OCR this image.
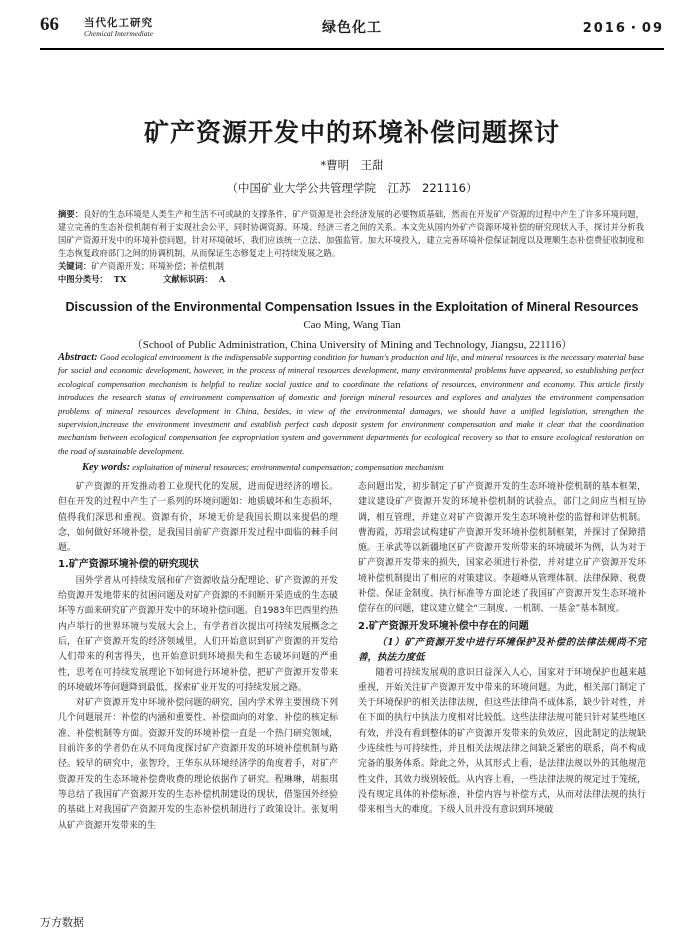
66 当代化工研究
Chemical Intermediate	绿色化工	2016・09
矿产资源开发中的环境补偿问题探讨
*曹明　王甜
（中国矿业大学公共管理学院　江苏　221116）
摘要：良好的生态环境是人类生产和生活不可或缺的支撑条件，矿产资源是社会经济发展的必要物质基础，然而在开发矿产资源的过程中产生了许多环境问题，建立完善的生态补偿机制有利于实现社会公平，同时协调资源、环境、经济三者之间的关系。本文先从国内外矿产资源环境补偿的研究现状入手，探讨并分析我国矿产资源开发中的环境补偿问题，针对环境破坏，我们应该统一立法、加强监管、加大环境投入，建立完善环境补偿保证制度以及理顺生态补偿费征收制度和生态恢复政府部门之间的协调机制，从而保证生态修复走上可持续发展之路。
关键词：矿产资源开发；环境补偿；补偿机制
中图分类号： TX	文献标识码： A
Discussion of the Environmental Compensation Issues in the Exploitation of Mineral Resources
Cao Ming, Wang Tian
（School of Public Administration, China University of Mining and Technology, Jiangsu, 221116）
Abstract: Good ecological environment is the indispensable supporting condition for human's production and life, and mineral resources is the necessary material base for social and economic development, however, in the process of mineral resources development, many environmental problems have appeared, so establishing perfect ecological compensation mechanism is helpful to realize social justice and to coordinate the relations of resources, environment and economy. This article firstly introduces the research status of environment compensation of domestic and foreign mineral resources and explores and analyzes the environment compensation problems of mineral resources development in China, besides, in view of the environmental damages, we should have a unified legislation, strengthen the supervision,increase the environment investment and establish perfect cash deposit system for environment compensation and make it clear that the coordination mechanism between ecological compensation fee expropriation system and government departments for ecological recovery so that to ensure ecological restoration on the road of sustainable development.
Key words: exploitation of mineral resources; environmental compensation; compensation mechanism

矿产资源的开发推动着工业现代化的发展，进而促进经济的增长。但在开发的过程中产生了一系列的环境问题如：地质破坏和生态损坏，值得我们深思和重视。资源有价，环境无价是我国长期以来提倡的理念，如何做好环境补偿，是我国目前矿产资源开发过程中面临的棘手问题。

1.矿产资源环境补偿的研究现状

国外学者从可持续发展和矿产资源收益分配理论、矿产资源的开发给资源开发地带来的贫困问题及对矿产资源的不间断开采造成的生态破坏等方面来研究矿产资源开发中的环境补偿问题。自1983年巴西里约热内卢举行的世界环境与发展大会上，有学者首次提出可持续发展概念之后，在矿产资源开发的经济领域里，人们开始意识到矿产资源的开发给人们带来的利害得失，也开始意识到环境损失和生态破坏问题的严重性，思考在可持续发展理论下如何进行环境补偿，把矿产资源开发带来的环境破坏等问题降到最低，探索矿业开发的可持续发展之路。

对矿产资源开发中环境补偿问题的研究，国内学术界主要围绕下列几个问题展开：补偿的内涵和重要性、补偿面向的对象、补偿的核定标准、补偿机制等方面。资源开发的环境补偿一直是一个热门研究领域，目前许多的学者仍在从不同角度探讨矿产资源开发的环境补偿机制与路径。较早的研究中，张智玲，王华东从环境经济学的角度着手，对矿产资源开发的生态环境补偿费收费的理论依据作了研究。程琳琳，胡振琪等总结了我国矿产资源开发的生态补偿机制建设的现状，借鉴国外经验的基础上对我国矿产资源开发的生态补偿机制进行了政策设计。张复明从矿产资源开发带来的生

态问题出发，初步制定了矿产资源开发的生态环境补偿机制的基本框架，建议建设矿产资源开发的环境补偿机制的试验点，部门之间应当相互协调，相互管理，并建立对矿产资源开发生态环境补偿的监督和评估机制。曹海霞，苏珺尝试构建矿产资源开发环境补偿机制框架，并探讨了保障措施。王承武等以新疆地区矿产资源开发所带来的环境破坏为例，认为对于矿产资源开发带来的损失，国家必须进行补偿，并对建立矿产资源开发环境补偿机制提出了相应的对策建议。李超峰从管理体制、法律保障、税费补偿、保证金制度、执行标准等方面论述了我国矿产资源开发生态环境补偿存在的问题，建议建立健全“三制度、一机制、一基金”基本制度。

2.矿产资源开发环境补偿中存在的问题
（1）矿产资源开发中进行环境保护及补偿的法律法规尚不完善，执法力度低

随着可持续发展观的意识日益深入人心，国家对于环境保护也越来越重视，开始关注矿产资源开发中带来的环境问题。为此，相关部门制定了关于环境保护的相关法律法规，但这些法律尚不成体系，缺少针对性，并在下面的执行中执法力度相对比较低。这些法律法规可能只针对某些地区有效，并没有看到整体的矿产资源开发带来的负效应，因此制定的法规缺少连续性与可持续性，并且相关法规法律之间缺乏紧密的联系，尚不构成完备的服务体系。除此之外，从其形式上看，是法律法规以外的其他规范性文件，其效力级别较低。从内容上看，一些法律法规的规定过于笼统，没有规定具体的补偿标准，补偿内容与补偿方式，从而对法律法规的执行带来相当大的难度。下级人员并没有意识到环境破

万方数据
